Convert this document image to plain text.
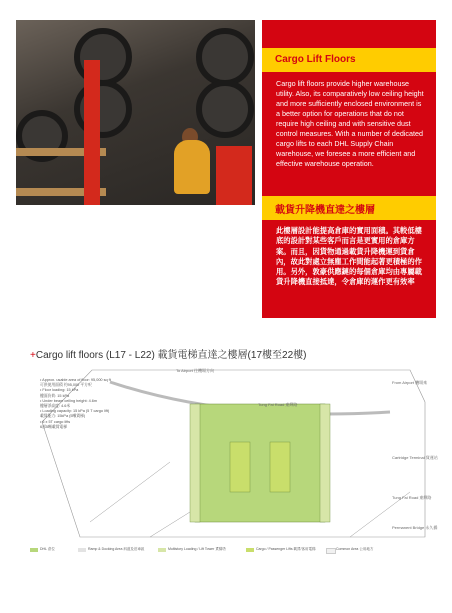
Cargo Lift Floors
Cargo lift floors provide higher warehouse utility. Also, its comparatively low ceiling height and more sufficiently enclosed environment is a better option for operations that do not require high ceiling and with sensitive dust control measures. With a number of dedicated cargo lifts to each DHL Supply Chain warehouse, we foresee a more efficient and effective warehouse operation.
載貨升降機直達之樓層
此樓層設計能提高倉庫的實用面積。其較低樓底的設計對某些客戶而言是更實用的倉庫方案。而且，因貨物通過載貨升降機運到貨倉內，故此對處立無塵工作間能起著更積極的作用。另外，敦豪供應鏈的每個倉庫均由專屬載貨升降機直接抵達，令倉庫的運作更有效率
+Cargo lift floors (L17 - L22) 載貨電梯直達之樓層(17樓至22樓)
• Approx. usable area of floor: 95,000 sq ft
可供使用面積 約95,000 平方呎
• Floor loading: 15 kPa
樓面負荷: 15 kPa
• Under beam ceiling height: 4.6m
樓層淨高度: 4.6米
• Loading capacity: 15 kPa (5 T cargo lift)
載貨能力: 15kPa (5噸貨梯)
• 6 x 5T cargo lifts
6部5噸載貨電梯
To Airport 往機場方向
Tung Fai Road 東輝路
From Airport 機場來
Cartridge Terminal 貨運站
Tung Fai Road 東輝路
Permanent Bridge 永久橋
DHL 倉位	Ramp & Docking Area 斜道及泊車區	Multistory Loading / Lift Tower 貨梯塔	Cargo / Passenger Lifts 載貨/客用電梯	Common Area 公用地方
